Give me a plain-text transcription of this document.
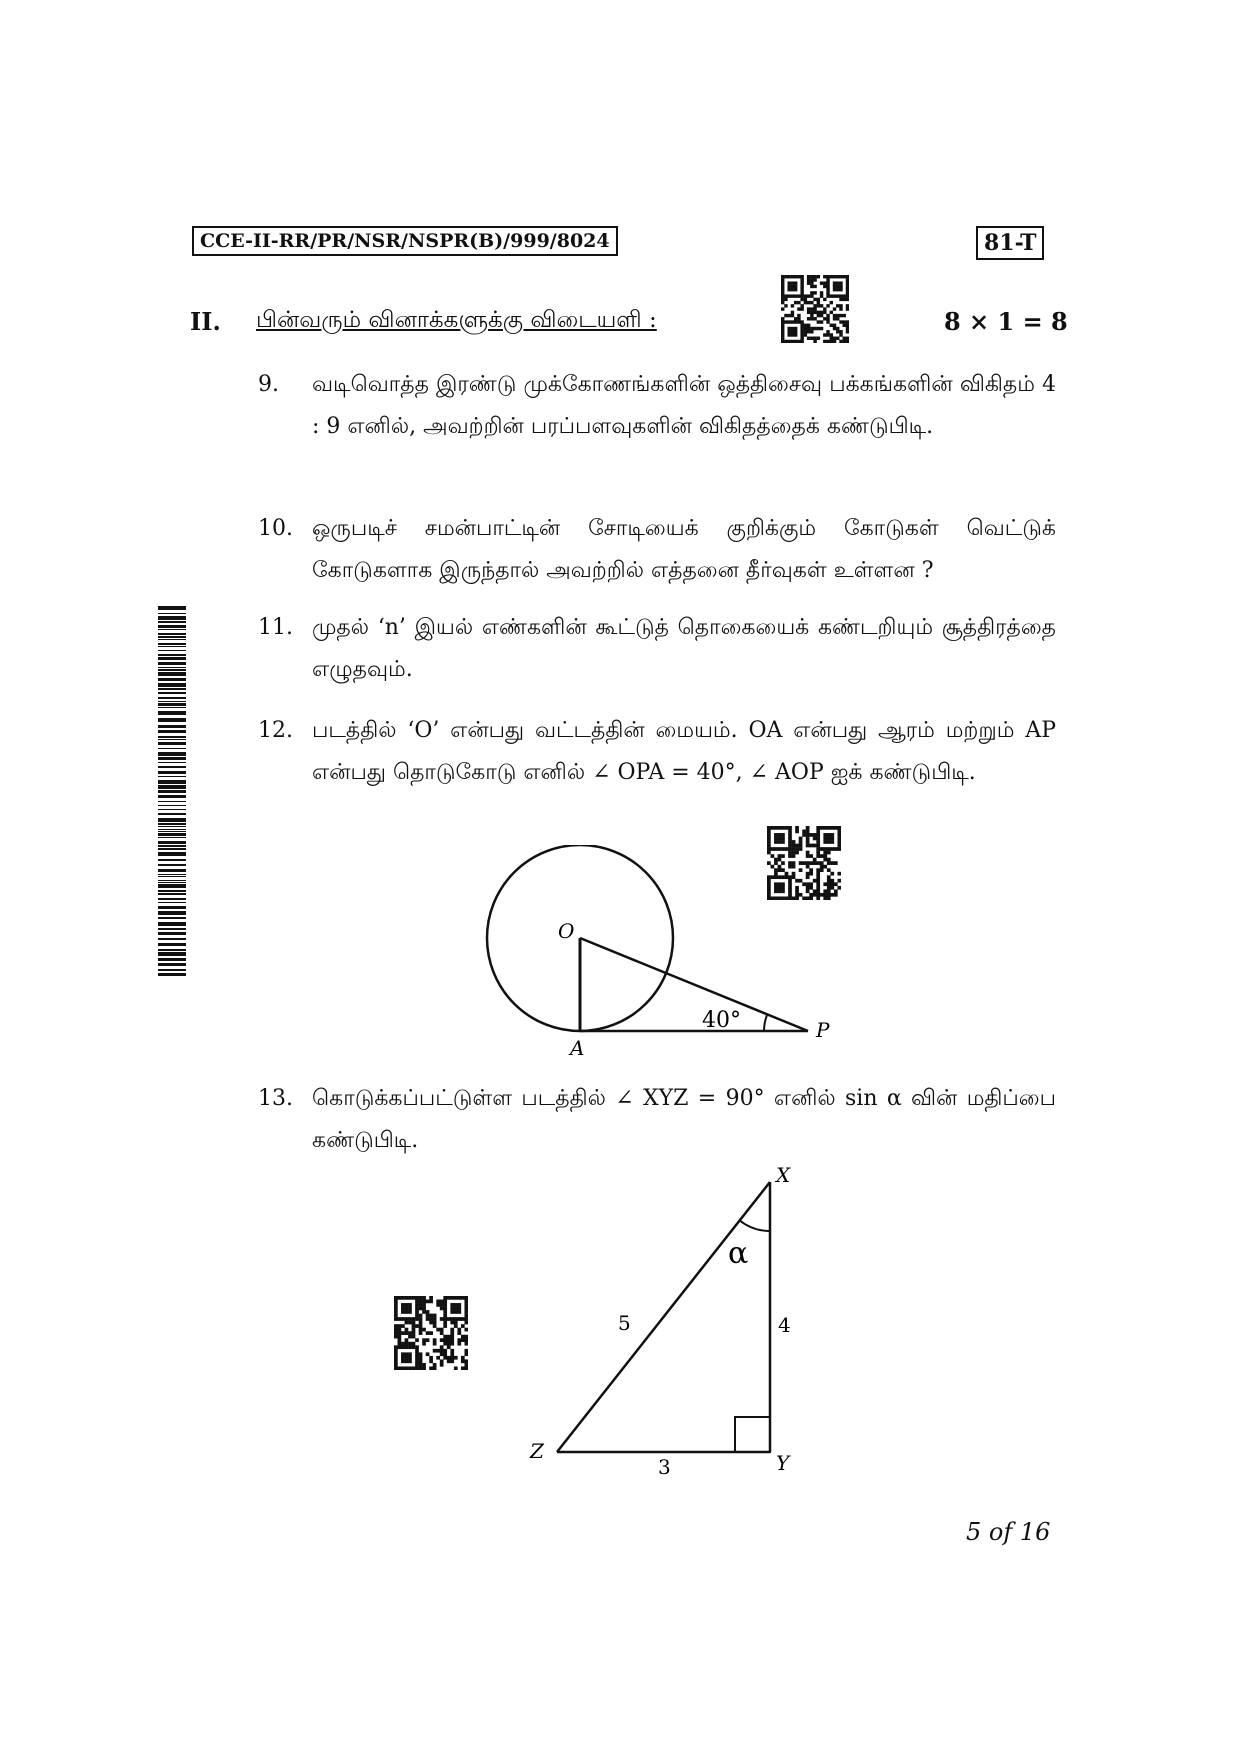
CCE-II-RR/PR/NSR/NSPR(B)/999/8024	81-T
II. பின்வரும் வினாக்களுக்கு விடையளி :	8 × 1 = 8
9. வடிவொத்த இரண்டு முக்கோணங்களின் ஒத்திசைவு பக்கங்களின் விகிதம் 4 : 9 எனில், அவற்றின் பரப்பளவுகளின் விகிதத்தைக் கண்டுபிடி.
10. ஒருபடிச் சமன்பாட்டின் சோடியைக் குறிக்கும் கோடுகள் வெட்டுக் கோடுகளாக இருந்தால் அவற்றில் எத்தனை தீர்வுகள் உள்ளன ?
11. முதல் ‘n’ இயல் எண்களின் கூட்டுத் தொகையைக் கண்டறியும் சூத்திரத்தை எழுதவும்.
12. படத்தில் ‘O’ என்பது வட்டத்தின் மையம். OA என்பது ஆரம் மற்றும் AP என்பது தொடுகோடு எனில் ∠ OPA = 40°, ∠ AOP ஐக் கண்டுபிடி.
O
A
P
40°
13. கொடுக்கப்பட்டுள்ள படத்தில் ∠ XYZ = 90° எனில் sin α வின் மதிப்பை கண்டுபிடி.
X
Y
Z
α
5	4
3
5 of 16
